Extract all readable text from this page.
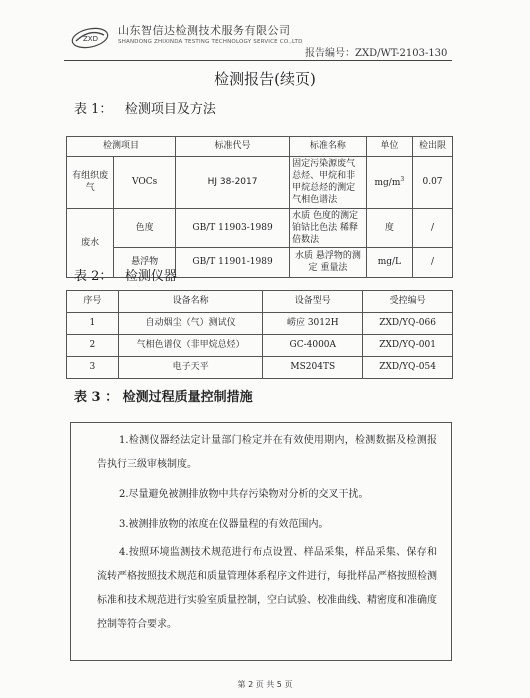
ZXD
山东智信达检测技术服务有限公司
SHANDONG ZHIXINDA TESTING TECHNOLOGY SERVICE CO.,LTD
报告编号：ZXD/WT-2103-130
检测报告(续页)
表 1： 检测项目及方法
检测项目		标准代号	标准名称	单位	检出限
有组织废气	VOCs	HJ 38-2017	固定污染源废气总烃、甲烷和非甲烷总烃的测定 气相色谱法	$mg/m^3$	0.07
废水	色度	GB/T 11903-1989	水质 色度的测定 铂钴比色法 稀释倍数法	度	/
	悬浮物	GB/T 11901-1989	水质 悬浮物的测定 重量法	mg/L	/
表 2： 检测仪器
序号	设备名称	设备型号	受控编号
1	自动烟尘（气）测试仪	崂应 3012H	ZXD/YQ-066
2	气相色谱仪（非甲烷总烃）	GC-4000A	ZXD/YQ-001
3	电子天平	MS204TS	ZXD/YQ-054
表 3 ： 检测过程质量控制措施

1.检测仪器经法定计量部门检定并在有效使用期内，检测数据及检测报告执行三级审核制度。

2.尽量避免被测排放物中共存污染物对分析的交叉干扰。

3.被测排放物的浓度在仪器量程的有效范围内。

4.按照环境监测技术规范进行布点设置、样品采集，样品采集、保存和流转严格按照技术规范和质量管理体系程序文件进行，每批样品严格按照检测标准和技术规范进行实验室质量控制，空白试验、校准曲线、精密度和准确度控制等符合要求。

第 2 页 共 5 页
